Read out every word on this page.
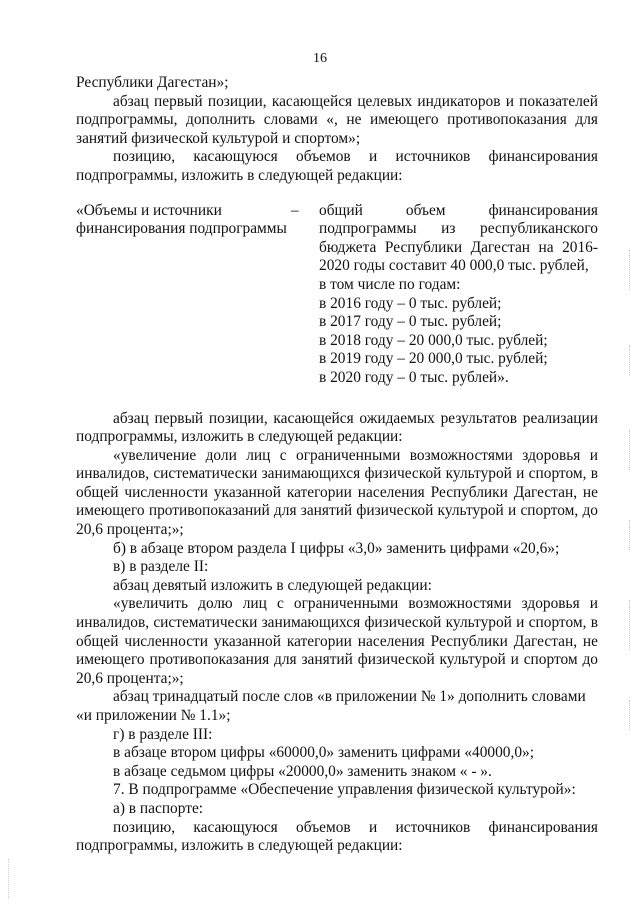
16

Республики Дагестан»;

абзац первый позиции, касающейся целевых индикаторов и показателей подпрограммы, дополнить словами «, не имеющего противопоказания для занятий физической культурой и спортом»;

позицию, касающуюся объемов и источников финансирования подпрограммы, изложить в следующей редакции:

«Объемы и источники финансирования подпрограммы
–	общий объем финансирования подпрограммы из республиканского бюджета Республики Дагестан на 2016-2020 годы составит 40 000,0 тыс. рублей,

в том числе по годам:

в 2016 году – 0 тыс. рублей;

в 2017 году – 0 тыс. рублей;

в 2018 году – 20 000,0 тыс. рублей;

в 2019 году – 20 000,0 тыс. рублей;

в 2020 году – 0 тыс. рублей».

абзац первый позиции, касающейся ожидаемых результатов реализации подпрограммы, изложить в следующей редакции:

«увеличение доли лиц с ограниченными возможностями здоровья и инвалидов, систематически занимающихся физической культурой и спортом, в общей численности указанной категории населения Республики Дагестан, не имеющего противопоказаний для занятий физической культурой и спортом, до 20,6 процента;»;

б) в абзаце втором раздела I цифры «3,0» заменить цифрами «20,6»;

в) в разделе II:

абзац девятый изложить в следующей редакции:

«увеличить долю лиц с ограниченными возможностями здоровья и инвалидов, систематически занимающихся физической культурой и спортом, в общей численности указанной категории населения Республики Дагестан, не имеющего противопоказания для занятий физической культурой и спортом до 20,6 процента;»;

абзац тринадцатый после слов «в приложении № 1» дополнить словами

«и приложении № 1.1»;

г) в разделе III:

в абзаце втором цифры «60000,0» заменить цифрами «40000,0»;

в абзаце седьмом цифры «20000,0» заменить знаком « - ».

7. В подпрограмме «Обеспечение управления физической культурой»:

а) в паспорте:

позицию, касающуюся объемов и источников финансирования подпрограммы, изложить в следующей редакции:
